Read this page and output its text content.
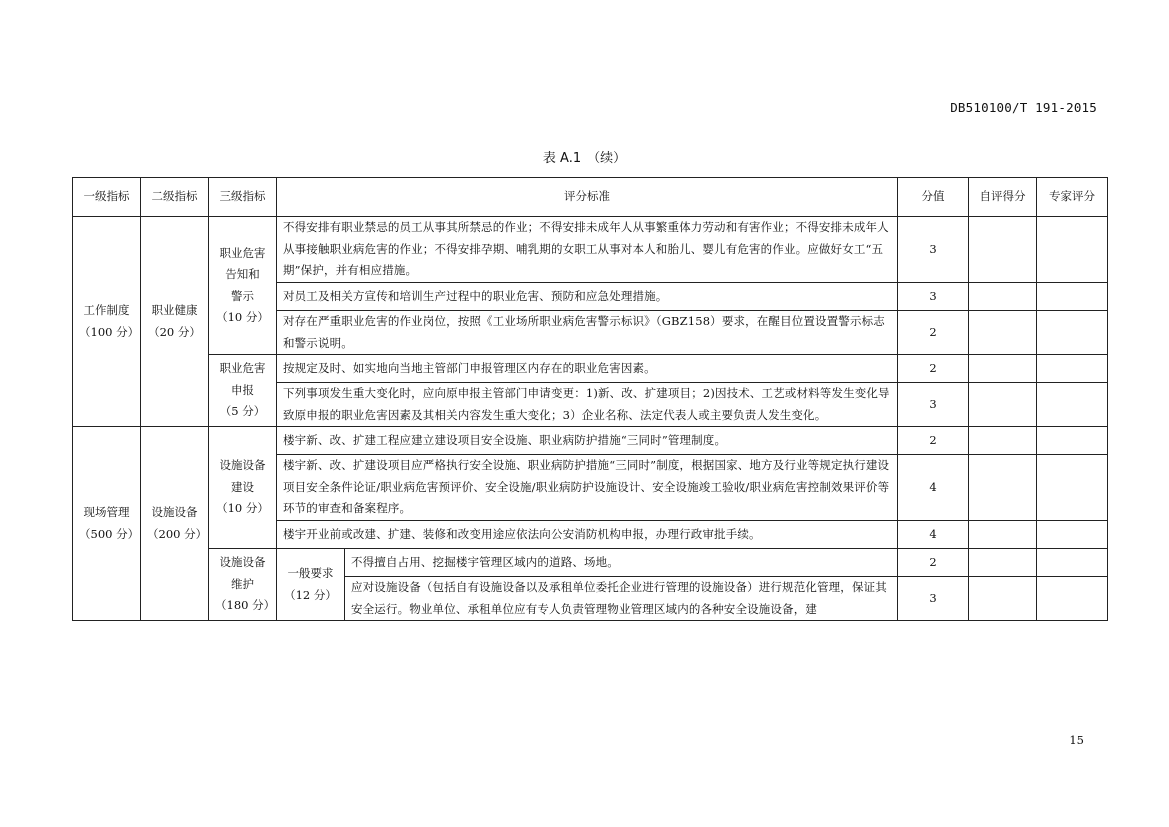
DB510100/T 191-2015
表 A.1 （续）
一级指标	二级指标	三级指标	评分标准		分值	自评得分	专家评分

工作制度
（100 分）	职业健康
（20 分）	职业危害
告知和
警示
（10 分）	不得安排有职业禁忌的员工从事其所禁忌的作业；不得安排未成年人从事繁重体力劳动和有害作业；不得安排未成年人从事接触职业病危害的作业；不得安排孕期、哺乳期的女职工从事对本人和胎儿、婴儿有危害的作业。应做好女工“五期”保护，并有相应措施。		3		
			对员工及相关方宣传和培训生产过程中的职业危害、预防和应急处理措施。		3		
			对存在严重职业危害的作业岗位，按照《工业场所职业病危害警示标识》（GBZ158）要求，在醒目位置设置警示标志和警示说明。		2		

		职业危害
申报
（5 分）	按规定及时、如实地向当地主管部门申报管理区内存在的职业危害因素。		2		
			下列事项发生重大变化时，应向原申报主管部门申请变更：1)新、改、扩建项目；2)因技术、工艺或材料等发生变化导致原申报的职业危害因素及其相关内容发生重大变化；3）企业名称、法定代表人或主要负责人发生变化。		3		

现场管理
（500 分）	设施设备
（200 分）	设施设备
建设
（10 分）	楼宇新、改、扩建工程应建立建设项目安全设施、职业病防护措施“三同时”管理制度。		2		
			楼宇新、改、扩建设项目应严格执行安全设施、职业病防护措施“三同时”制度，根据国家、地方及行业等规定执行建设项目安全条件论证/职业病危害预评价、安全设施/职业病防护设施设计、安全设施竣工验收/职业病危害控制效果评价等环节的审查和备案程序。		4		
			楼宇开业前或改建、扩建、装修和改变用途应依法向公安消防机构申报，办理行政审批手续。		4		

		设施设备
维护
（180 分）	一般要求
（12 分）	不得擅自占用、挖掘楼宇管理区域内的道路、场地。	2		
				应对设施设备（包括自有设施设备以及承租单位委托企业进行管理的设施设备）进行规范化管理，保证其安全运行。物业单位、承租单位应有专人负责管理物业管理区域内的各种安全设施设备，建	3		
15
